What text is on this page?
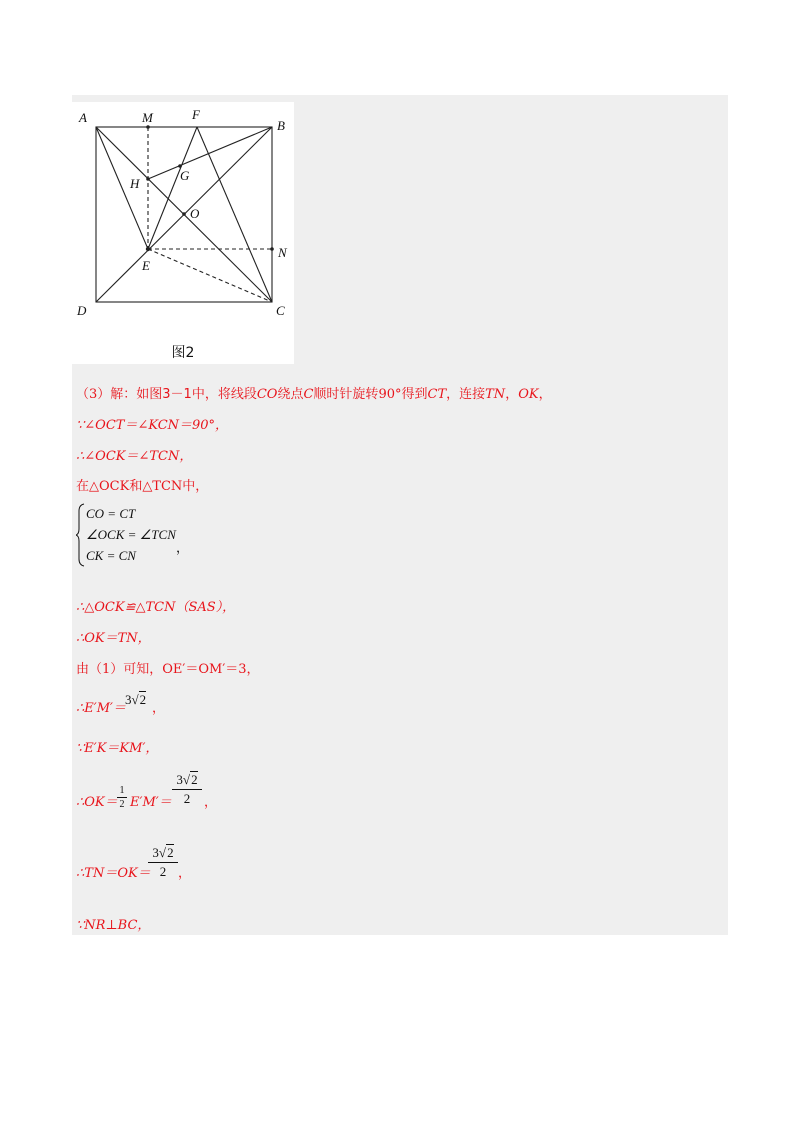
A	M	F
B
H
G
O
N
E
D	C
图2
（3）解：如图3－1中，将线段CO绕点C顺时针旋转90°得到CT，连接TN，OK，
∵∠OCT＝∠KCN＝90°，
∴∠OCK＝∠TCN，
在△OCK和△TCN中，
CO = CT
∠OCK = ∠TCN
CK = CN
，
∴△OCK≌△TCN（SAS），
∴OK＝TN，
由（1）可知，OE′＝OM′＝3，
∴E′M′＝
3√2
，
∵E′K＝KM′，
∴OK＝
1
2 E′M′＝
3√2
2	，
∴TN＝OK＝
3√2
2 ，
∵NR⊥BC，
